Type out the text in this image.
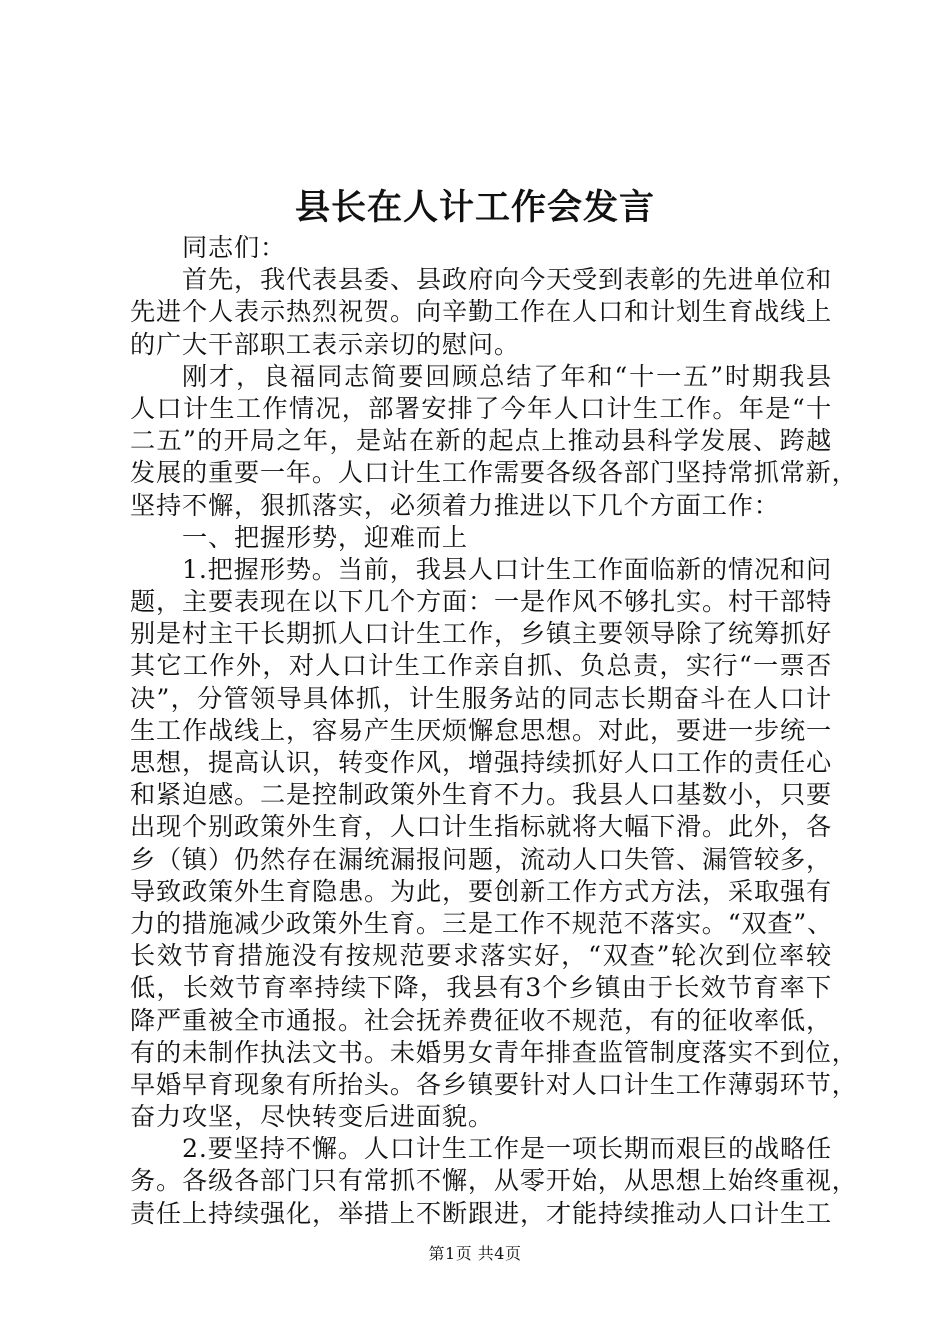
县长在人计工作会发言
同志们：
首先，我代表县委、县政府向今天受到表彰的先进单位和
先进个人表示热烈祝贺。向辛勤工作在人口和计划生育战线上
的广大干部职工表示亲切的慰问。
刚才，良福同志简要回顾总结了年和“十一五”时期我县
人口计生工作情况，部署安排了今年人口计生工作。年是“十
二五”的开局之年，是站在新的起点上推动县科学发展、跨越
发展的重要一年。人口计生工作需要各级各部门坚持常抓常新，
坚持不懈，狠抓落实，必须着力推进以下几个方面工作：
一、把握形势，迎难而上
1.把握形势。当前，我县人口计生工作面临新的情况和问
题，主要表现在以下几个方面：一是作风不够扎实。村干部特
别是村主干长期抓人口计生工作，乡镇主要领导除了统筹抓好
其它工作外，对人口计生工作亲自抓、负总责，实行“一票否
决”，分管领导具体抓，计生服务站的同志长期奋斗在人口计
生工作战线上，容易产生厌烦懈怠思想。对此，要进一步统一
思想，提高认识，转变作风，增强持续抓好人口工作的责任心
和紧迫感。二是控制政策外生育不力。我县人口基数小，只要
出现个别政策外生育，人口计生指标就将大幅下滑。此外，各
乡（镇）仍然存在漏统漏报问题，流动人口失管、漏管较多，
导致政策外生育隐患。为此，要创新工作方式方法，采取强有
力的措施减少政策外生育。三是工作不规范不落实。“双查”、
长效节育措施没有按规范要求落实好，“双查”轮次到位率较
低，长效节育率持续下降，我县有3个乡镇由于长效节育率下
降严重被全市通报。社会抚养费征收不规范，有的征收率低，
有的未制作执法文书。未婚男女青年排查监管制度落实不到位，
早婚早育现象有所抬头。各乡镇要针对人口计生工作薄弱环节，
奋力攻坚，尽快转变后进面貌。
2.要坚持不懈。人口计生工作是一项长期而艰巨的战略任
务。各级各部门只有常抓不懈，从零开始，从思想上始终重视，
责任上持续强化，举措上不断跟进，才能持续推动人口计生工
第1页 共4页
